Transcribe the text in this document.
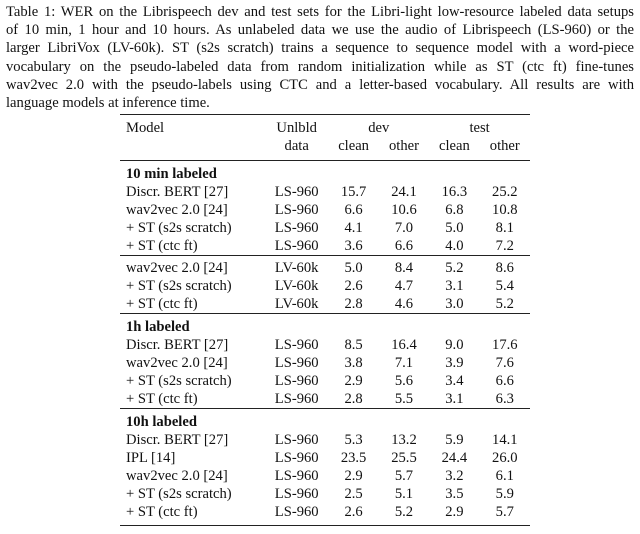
Table 1: WER on the Librispeech dev and test sets for the Libri-light low-resource labeled data setups
of 10 min, 1 hour and 10 hours. As unlabeled data we use the audio of Librispeech (LS-960) or the
larger LibriVox (LV-60k). ST (s2s scratch) trains a sequence to sequence model with a word-piece
vocabulary on the pseudo-labeled data from random initialization while as ST (ctc ft) fine-tunes
wav2vec 2.0 with the pseudo-labels using CTC and a letter-based vocabulary. All results are with
language models at inference time.
Model	Unlbld	dev		test	
	data	clean	other	clean	other
10 min labeled					
Discr. BERT [27]	LS-960	15.7	24.1	16.3	25.2
wav2vec 2.0 [24]	LS-960	6.6	10.6	6.8	10.8
+ ST (s2s scratch)	LS-960	4.1	7.0	5.0	8.1
+ ST (ctc ft)	LS-960	3.6	6.6	4.0	7.2
wav2vec 2.0 [24]	LV-60k	5.0	8.4	5.2	8.6
+ ST (s2s scratch)	LV-60k	2.6	4.7	3.1	5.4
+ ST (ctc ft)	LV-60k	2.8	4.6	3.0	5.2
1h labeled					
Discr. BERT [27]	LS-960	8.5	16.4	9.0	17.6
wav2vec 2.0 [24]	LS-960	3.8	7.1	3.9	7.6
+ ST (s2s scratch)	LS-960	2.9	5.6	3.4	6.6
+ ST (ctc ft)	LS-960	2.8	5.5	3.1	6.3
10h labeled					
Discr. BERT [27]	LS-960	5.3	13.2	5.9	14.1
IPL [14]	LS-960	23.5	25.5	24.4	26.0
wav2vec 2.0 [24]	LS-960	2.9	5.7	3.2	6.1
+ ST (s2s scratch)	LS-960	2.5	5.1	3.5	5.9
+ ST (ctc ft)	LS-960	2.6	5.2	2.9	5.7
